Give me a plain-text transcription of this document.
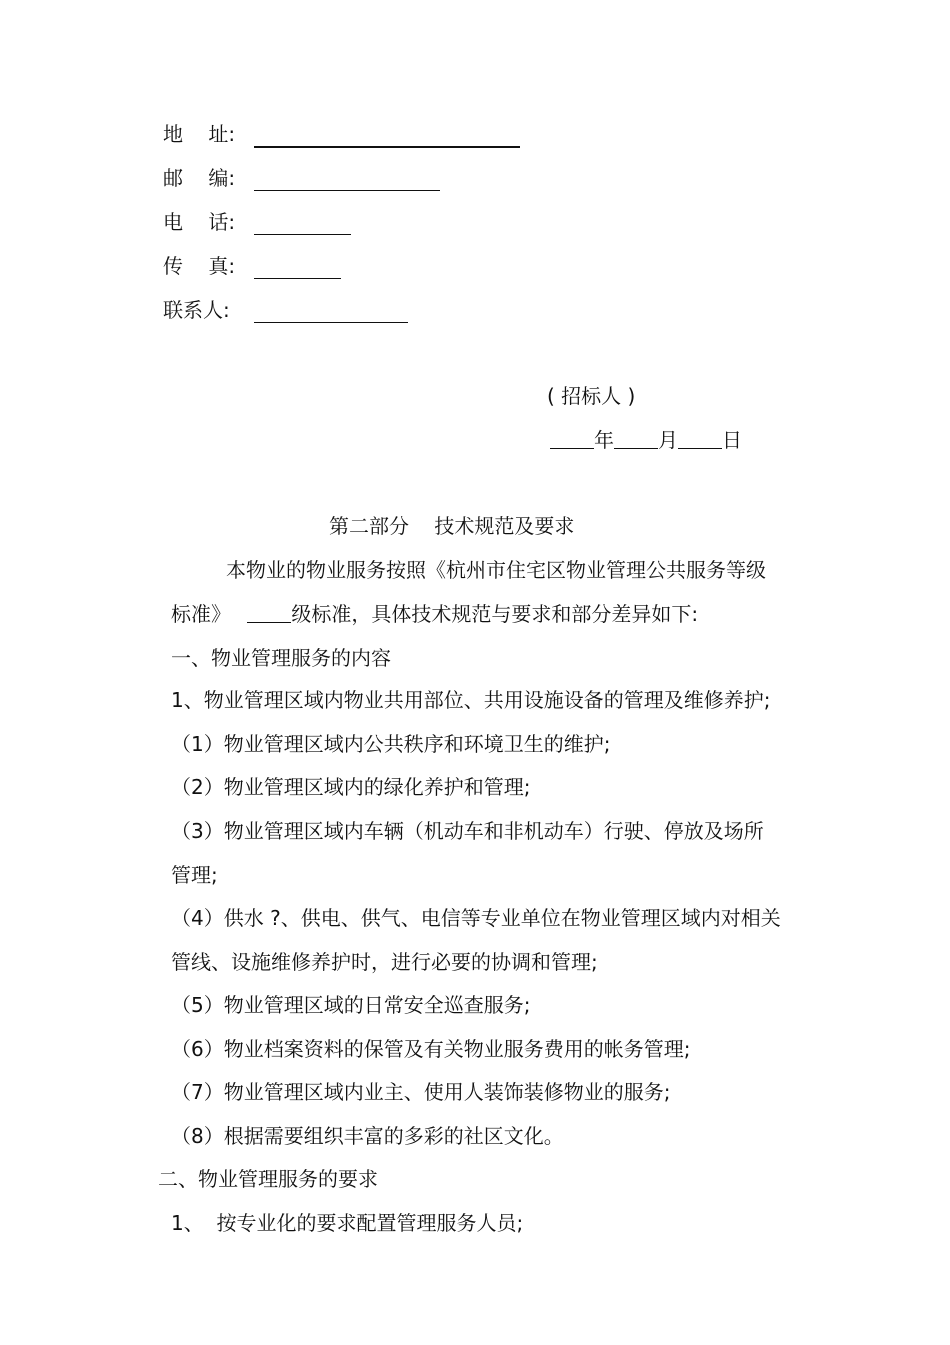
地    址:
邮    编:
电    话:
传    真:
联系人:
( 招标人 )
年 月 日
第二部分    技术规范及要求
本物业的物业服务按照《杭州市住宅区物业管理公共服务等级
标准》	级标准，具体技术规范与要求和部分差异如下:
一、物业管理服务的内容
1、物业管理区域内物业共用部位、共用设施设备的管理及维修养护;
（1）物业管理区域内公共秩序和环境卫生的维护;
（2）物业管理区域内的绿化养护和管理;
（3）物业管理区域内车辆（机动车和非机动车）行驶、停放及场所
管理;
（4）供水 ?、供电、供气、电信等专业单位在物业管理区域内对相关
管线、设施维修养护时，进行必要的协调和管理;
（5）物业管理区域的日常安全巡查服务;
（6）物业档案资料的保管及有关物业服务费用的帐务管理;
（7）物业管理区域内业主、使用人装饰装修物业的服务;
（8）根据需要组织丰富的多彩的社区文化。
二、物业管理服务的要求
1、  按专业化的要求配置管理服务人员;
